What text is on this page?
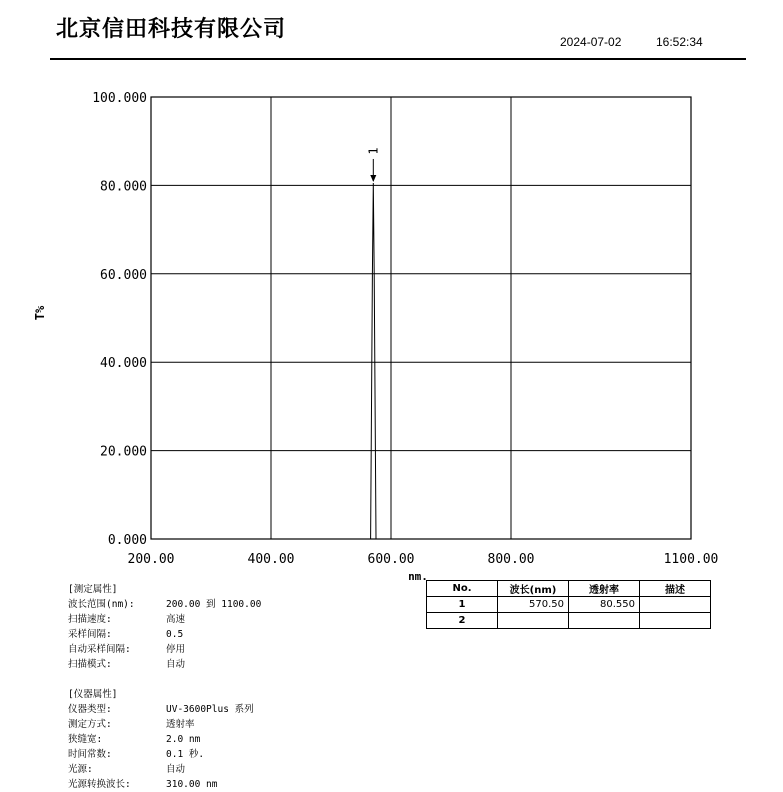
北京信田科技有限公司	2024-07-02	16:52:34
200.00	400.00	600.00	800.00	1100.00
0.000
20.000
40.000
60.000
80.000
100.000
nm.
T%
1
[测定属性]
波长范围(nm):	200.00 到 1100.00
扫描速度:	高速
采样间隔:	0.5
自动采样间隔:	停用
扫描模式:	自动
[仪器属性]
仪器类型:	UV-3600Plus 系列
测定方式:	透射率
狭缝宽:	2.0 nm
时间常数:	0.1 秒.
光源:	自动
光源转换波长:	310.00 nm
No.	波长(nm)	透射率	描述
1	570.50	80.550	
2			
